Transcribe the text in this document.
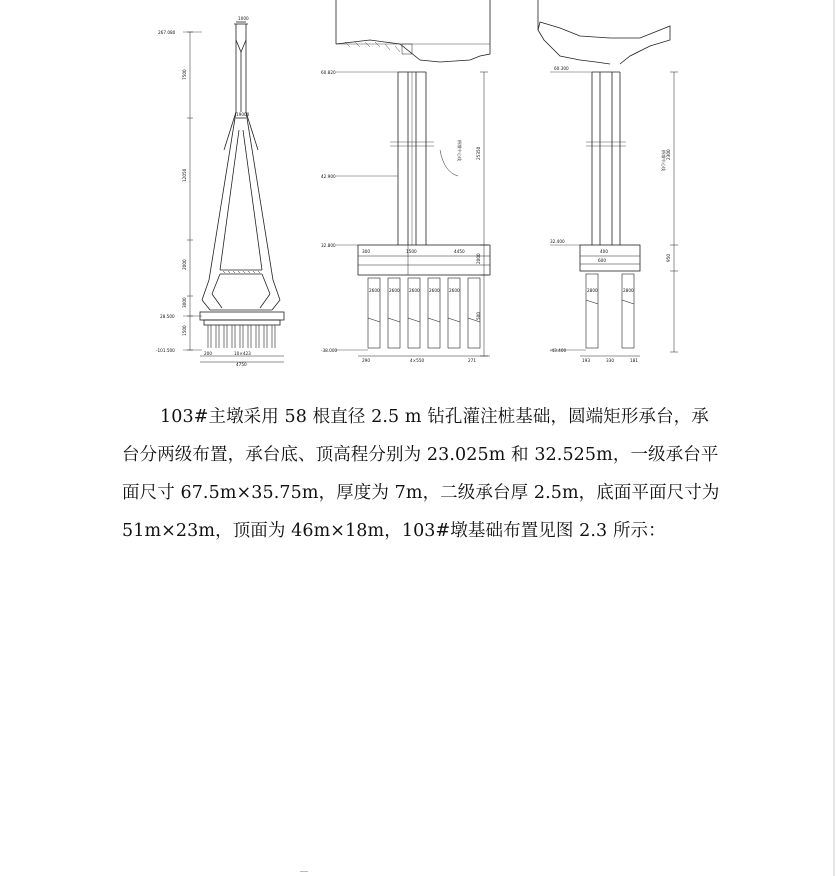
267.080
28.500
-101.500
1000
7500
12050
19000
2000
3000
1500
200	10×423
4750
60.820
42.900
32.800
-38.000
桥墩中心线
300	1500	4450
25350
2000
500
2600 2600 2600 2600 2600
290	4×550	271
60.300
32.400
-43.400
桥墩中心线
400
600	950
2300
2800	2800
193	330	181

103#主墩采用 58 根直径 2.5 m 钻孔灌注桩基础，圆端矩形承台，承
台分两级布置，承台底、顶高程分别为 23.025m 和 32.525m，一级承台平
面尺寸 67.5m×35.75m，厚度为 7m，二级承台厚 2.5m，底面平面尺寸为
51m×23m，顶面为 46m×18m，103#墩基础布置见图 2.3 所示：
